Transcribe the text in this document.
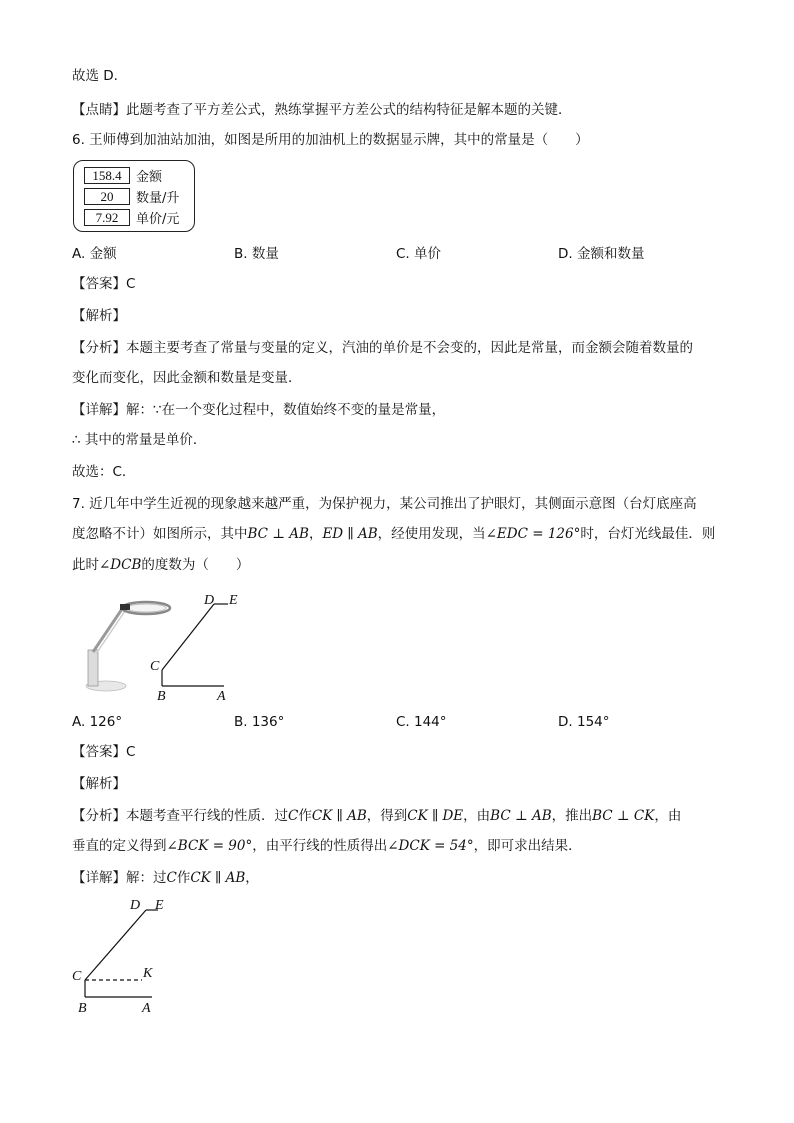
故选 D.
【点睛】此题考查了平方差公式，熟练掌握平方差公式的结构特征是解本题的关键．
6. 王师傅到加油站加油，如图是所用的加油机上的数据显示牌，其中的常量是（　　）
158.4	金额
20	数量/升
7.92	单价/元
A. 金额	B. 数量	C. 单价	D. 金额和数量
【答案】C
【解析】
【分析】本题主要考查了常量与变量的定义，汽油的单价是不会变的，因此是常量，而金额会随着数量的
变化而变化，因此金额和数量是变量．
【详解】解：∵在一个变化过程中，数值始终不变的量是常量，
∴ 其中的常量是单价．
故选：C．
7. 近几年中学生近视的现象越来越严重，为保护视力，某公司推出了护眼灯，其侧面示意图（台灯底座高
度忽略不计）如图所示，其中BC ⊥ AB，ED ∥ AB，经使用发现，当∠EDC = 126°时，台灯光线最佳．则
此时∠DCB的度数为（　　）
D E
C
B	A
A. 126°	B. 136°	C. 144°	D. 154°
【答案】C
【解析】
【分析】本题考查平行线的性质．过C作CK ∥ AB，得到CK ∥ DE，由BC ⊥ AB，推出BC ⊥ CK，由
垂直的定义得到∠BCK = 90°，由平行线的性质得出∠DCK = 54°，即可求出结果．
【详解】解：过C作CK ∥ AB，
D E
C	K
B	A
